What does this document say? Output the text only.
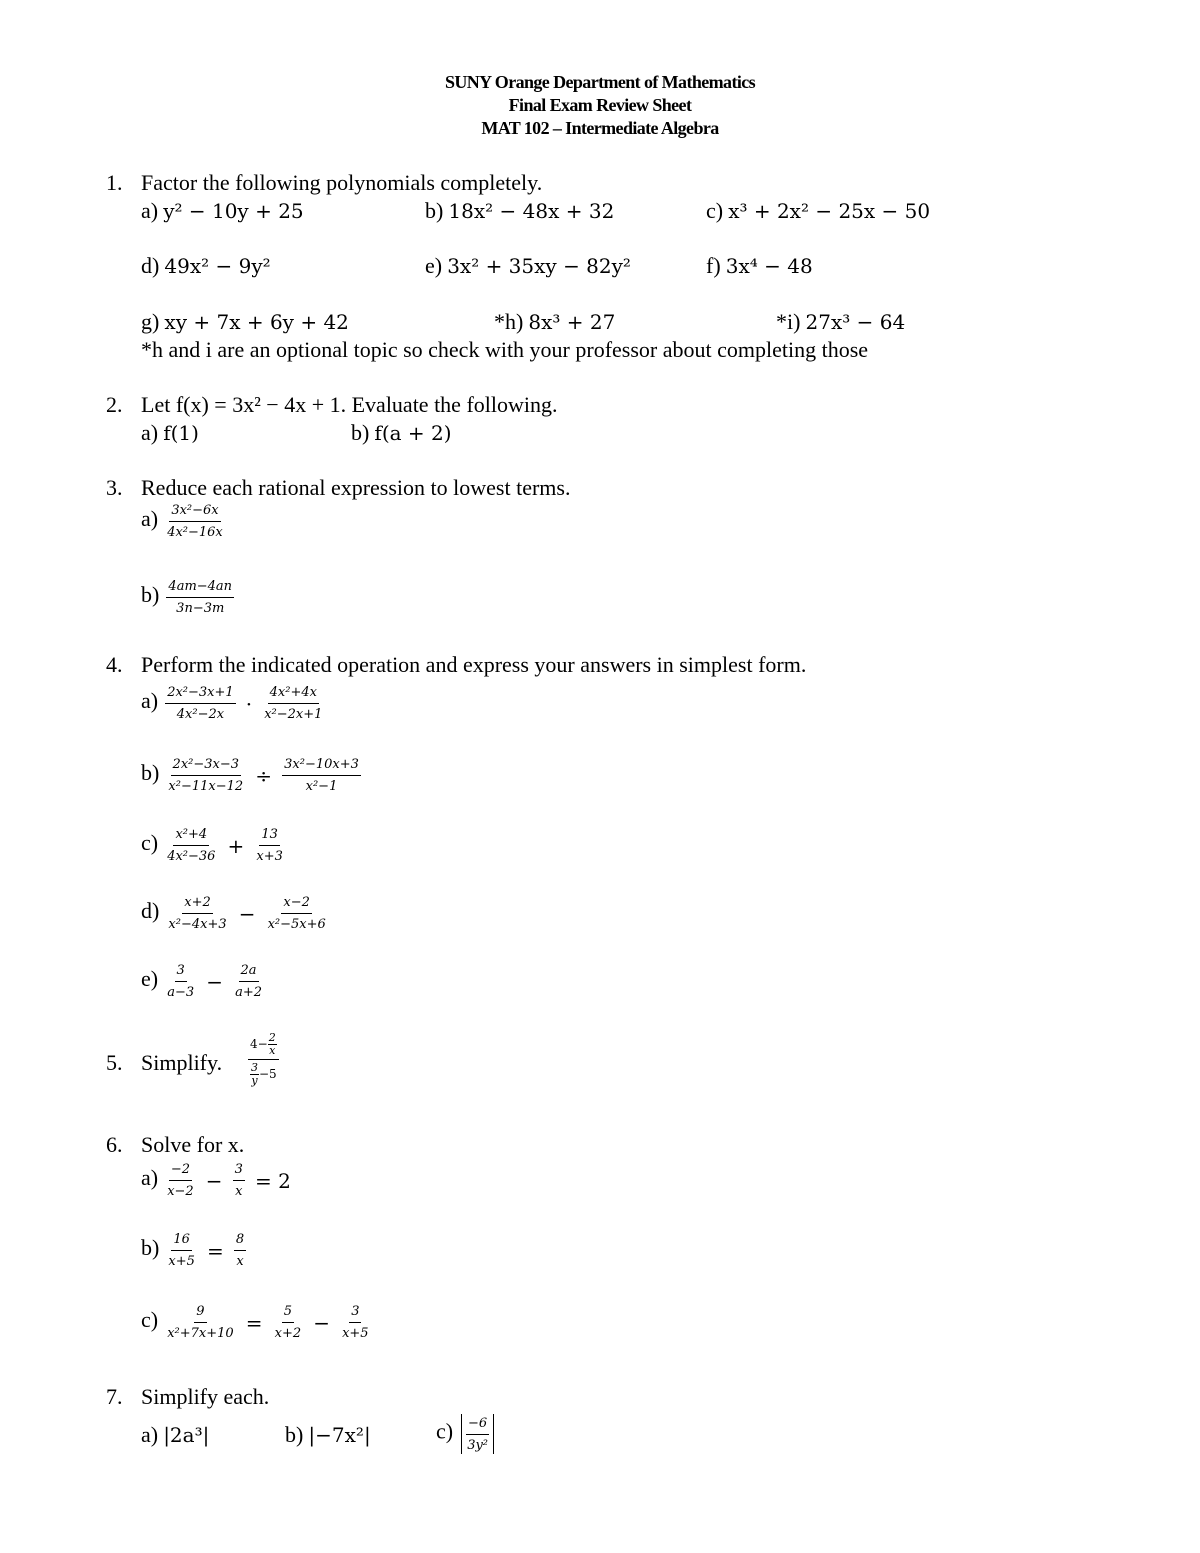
SUNY Orange Department of Mathematics
Final Exam Review Sheet
MAT 102 – Intermediate Algebra
1. Factor the following polynomials completely.
a) y² − 10y + 25	b) 18x² − 48x + 32	c) x³ + 2x² − 25x − 50
d) 49x² − 9y²	e) 3x² + 35xy − 82y²	f) 3x⁴ − 48
g) xy + 7x + 6y + 42	*h) 8x³ + 27	*i) 27x³ − 64
*h and i are an optional topic so check with your professor about completing those
2. Let f(x) = 3x² − 4x + 1. Evaluate the following.
a) f(1)	b) f(a + 2)
3. Reduce each rational expression to lowest terms.
$a) \frac{\text{3x²−6x}}{\text{4x²−16x}}$
$b) \frac{4am-4an}{3n-3m}$
4. Perform the indicated operation and express your answers in simplest form.
$a) \frac{\text{2x²−3x+1}}{\text{4x²−2x}} \cdot \frac{\text{4x²+4x}}{\text{x²−2x+1}}$
$b) \frac{\text{2x²−3x−3}}{\text{x²−11x−12}} \div \frac{\text{3x²−10x+3}}{\text{x²−1}}$
$c) \frac{\text{x²+4}}{\text{4x²−36}} + \frac{13}{x+3}$
$d) \frac{x+2}{\text{x²−4x+3}} - \frac{x-2}{\text{x²−5x+6}}$
$e) \frac{3}{a-3} - \frac{2a}{a+2}$
5. Simplify. $\frac{4- \frac{2}{x}}{\frac{3}{y} -5}$
6. Solve for x.
$a) \frac{-2}{x-2} - \frac{3}{x} = 2$
$b) \frac{16}{x+5} = \frac{8}{x}$
$c) \frac{9}{\text{x²+7x+10}} = \frac{5}{x+2} - \frac{3}{x+5}$
7. Simplify each.
a) |2a³|	b) |−7x²|	$c) \frac{-6}{\text{3y²}}$
